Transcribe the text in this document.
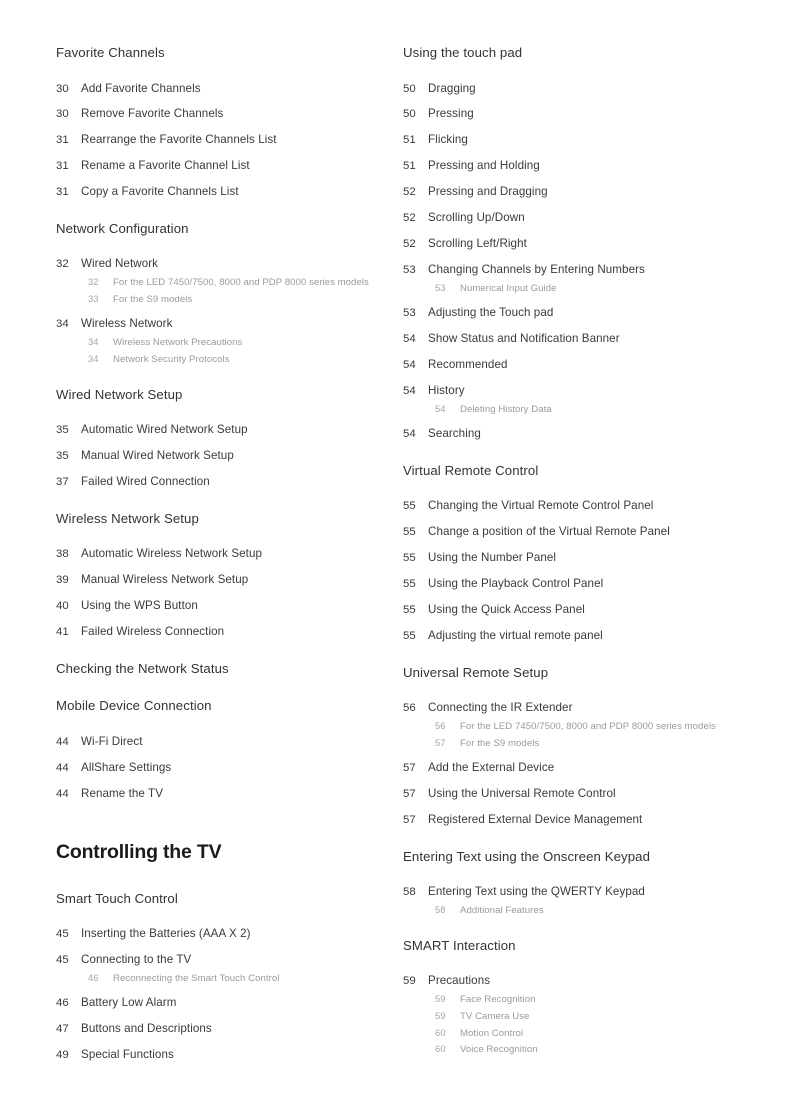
Favorite Channels
30	Add Favorite Channels
30	Remove Favorite Channels
31	Rearrange the Favorite Channels List
31	Rename a Favorite Channel List
31	Copy a Favorite Channels List
Network Configuration
32	Wired Network
32	For the LED 7450/7500, 8000 and PDP 8000 series models
33	For the S9 models
34	Wireless Network
34	Wireless Network Precautions
34	Network Security Protocols
Wired Network Setup
35	Automatic Wired Network Setup
35	Manual Wired Network Setup
37	Failed Wired Connection
Wireless Network Setup
38	Automatic Wireless Network Setup
39	Manual Wireless Network Setup
40	Using the WPS Button
41	Failed Wireless Connection
Checking the Network Status
Mobile Device Connection
44	Wi-Fi Direct
44	AllShare Settings
44	Rename the TV
Controlling the TV
Smart Touch Control
45	Inserting the Batteries (AAA X 2)
45	Connecting to the TV
46	Reconnecting the Smart Touch Control
46	Battery Low Alarm
47	Buttons and Descriptions
49	Special Functions
Using the touch pad
50	Dragging
50	Pressing
51	Flicking
51	Pressing and Holding
52	Pressing and Dragging
52	Scrolling Up/Down
52	Scrolling Left/Right
53	Changing Channels by Entering Numbers
53	Numerical Input Guide
53	Adjusting the Touch pad
54	Show Status and Notification Banner
54	Recommended
54	History
54	Deleting History Data
54	Searching
Virtual Remote Control
55	Changing the Virtual Remote Control Panel
55	Change a position of the Virtual Remote Panel
55	Using the Number Panel
55	Using the Playback Control Panel
55	Using the Quick Access Panel
55	Adjusting the virtual remote panel
Universal Remote Setup
56	Connecting the IR Extender
56	For the LED 7450/7500, 8000 and PDP 8000 series models
57	For the S9 models
57	Add the External Device
57	Using the Universal Remote Control
57	Registered External Device Management
Entering Text using the Onscreen Keypad
58	Entering Text using the QWERTY Keypad
58	Additional Features
SMART Interaction
59	Precautions
59	Face Recognition
59	TV Camera Use
60	Motion Control
60	Voice Recognition
